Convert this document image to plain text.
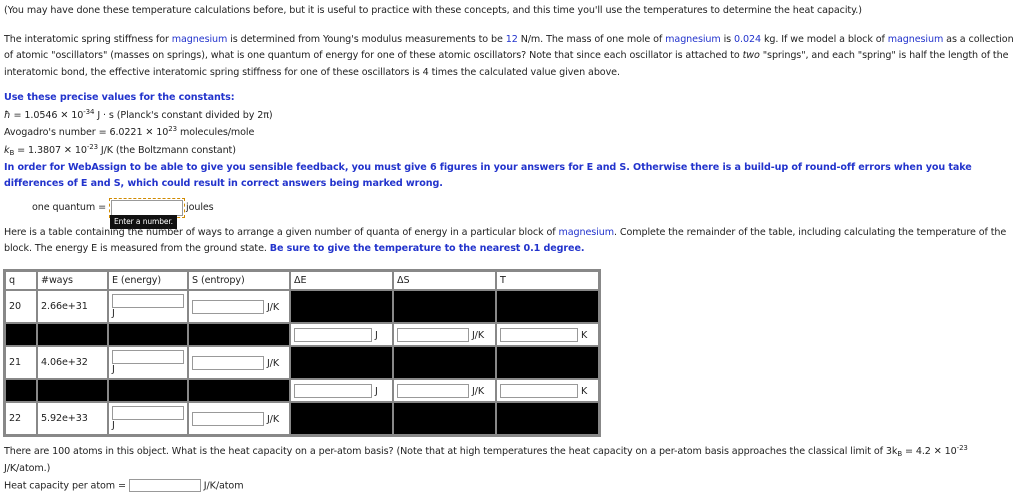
(You may have done these temperature calculations before, but it is useful to practice with these concepts, and this time you'll use the temperatures to determine the heat capacity.)
The interatomic spring stiffness for magnesium is determined from Young's modulus measurements to be 12 N/m. The mass of one mole of magnesium is 0.024 kg. If we model a block of magnesium as a collection of atomic "oscillators" (masses on springs), what is one quantum of energy for one of these atomic oscillators? Note that since each oscillator is attached to two "springs", and each "spring" is half the length of the interatomic bond, the effective interatomic spring stiffness for one of these oscillators is 4 times the calculated value given above.
Use these precise values for the constants:
ħ = 1.0546 ✕ $10^{-34}$ J · s (Planck's constant divided by 2π)
Avogadro's number = 6.0221 ✕ $10^{23}$ molecules/mole
$k_B = 1.3807$ ✕ $10^{-23}$ J/K (the Boltzmann constant)
In order for WebAssign to be able to give you sensible feedback, you must give 6 figures in your answers for E and S. Otherwise there is a build-up of round-off errors when you take differences of E and S, which could result in correct answers being marked wrong.
one quantum =	joules
Enter a number.
Here is a table containing the number of ways to arrange a given number of quanta of energy in a particular block of magnesium. Complete the remainder of the table, including calculating the temperature of the block. The energy E is measured from the ground state. Be sure to give the temperature to the nearest 0.1 degree.
q	#ways	E (energy)	S (entropy)	ΔE	ΔS	T
20	2.66e+31	J	J/K			
				J	J/K	K
21	4.06e+32	J	J/K			
				J	J/K	K
22	5.92e+33	J	J/K			
There are 100 atoms in this object. What is the heat capacity on a per-atom basis? (Note that at high temperatures the heat capacity on a per-atom basis approaches the classical limit of $3k_B = 4.2$ ✕ $10^{-23}$
J/K/atom.)
Heat capacity per atom =	J/K/atom
